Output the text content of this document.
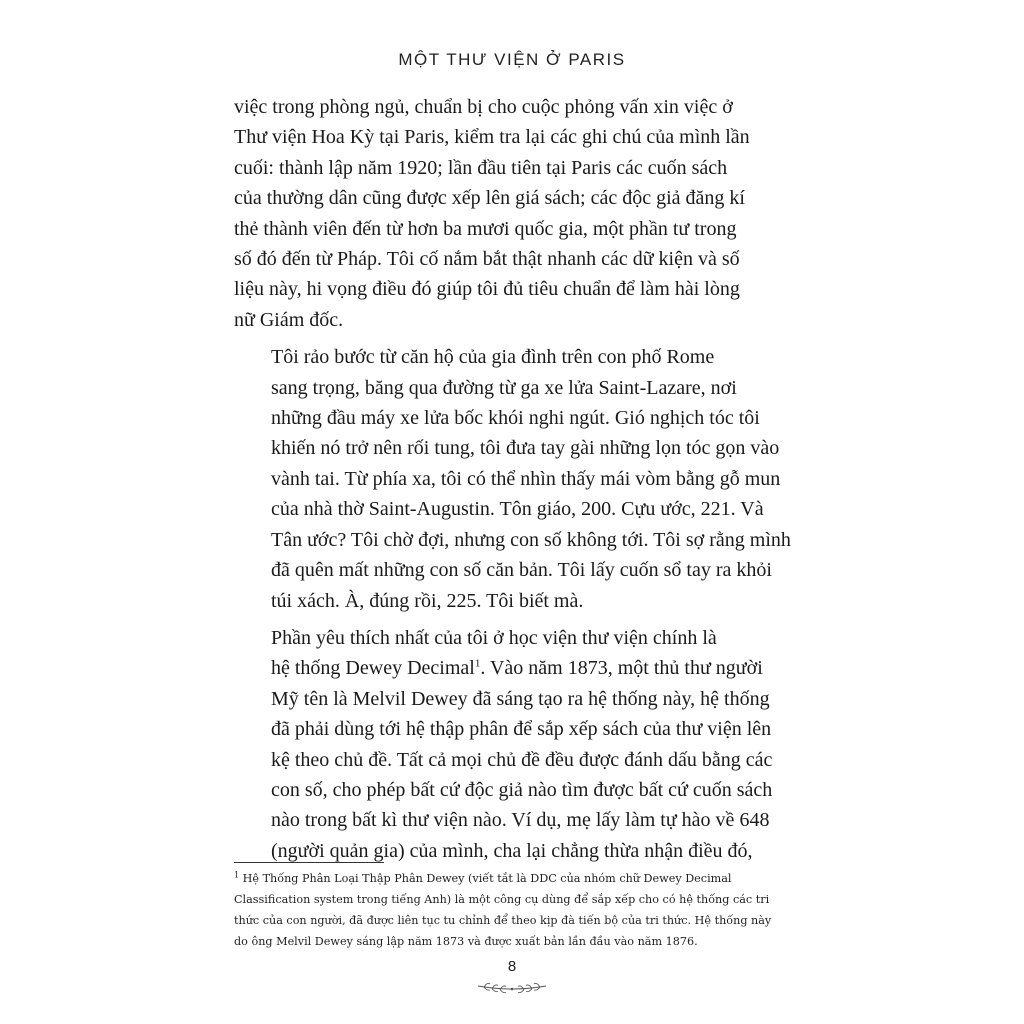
MỘT THƯ VIỆN Ở PARIS

việc trong phòng ngủ, chuẩn bị cho cuộc phỏng vấn xin việc ở
Thư viện Hoa Kỳ tại Paris, kiểm tra lại các ghi chú của mình lần
cuối: thành lập năm 1920; lần đầu tiên tại Paris các cuốn sách
của thường dân cũng được xếp lên giá sách; các độc giả đăng kí
thẻ thành viên đến từ hơn ba mươi quốc gia, một phần tư trong
số đó đến từ Pháp. Tôi cố nắm bắt thật nhanh các dữ kiện và số
liệu này, hi vọng điều đó giúp tôi đủ tiêu chuẩn để làm hài lòng
nữ Giám đốc.

Tôi rảo bước từ căn hộ của gia đình trên con phố Rome
sang trọng, băng qua đường từ ga xe lửa Saint-Lazare, nơi
những đầu máy xe lửa bốc khói nghi ngút. Gió nghịch tóc tôi
khiến nó trở nên rối tung, tôi đưa tay gài những lọn tóc gọn vào
vành tai. Từ phía xa, tôi có thể nhìn thấy mái vòm bằng gỗ mun
của nhà thờ Saint-Augustin. Tôn giáo, 200. Cựu ước, 221. Và
Tân ước? Tôi chờ đợi, nhưng con số không tới. Tôi sợ rằng mình
đã quên mất những con số căn bản. Tôi lấy cuốn sổ tay ra khỏi
túi xách. À, đúng rồi, 225. Tôi biết mà.

Phần yêu thích nhất của tôi ở học viện thư viện chính là
hệ thống Dewey Decimal$^1$. Vào năm 1873, một thủ thư người
Mỹ tên là Melvil Dewey đã sáng tạo ra hệ thống này, hệ thống
đã phải dùng tới hệ thập phân để sắp xếp sách của thư viện lên
kệ theo chủ đề. Tất cả mọi chủ đề đều được đánh dấu bằng các
con số, cho phép bất cứ độc giả nào tìm được bất cứ cuốn sách
nào trong bất kì thư viện nào. Ví dụ, mẹ lấy làm tự hào về 648
(người quản gia) của mình, cha lại chẳng thừa nhận điều đó,

$^1$ Hệ Thống Phân Loại Thập Phân Dewey (viết tắt là DDC của nhóm chữ Dewey Decimal
Classification system trong tiếng Anh) là một công cụ dùng để sắp xếp cho có hệ thống các tri
thức của con người, đã được liên tục tu chỉnh để theo kịp đà tiến bộ của tri thức. Hệ thống này
do ông Melvil Dewey sáng lập năm 1873 và được xuất bản lần đầu vào năm 1876.
8
